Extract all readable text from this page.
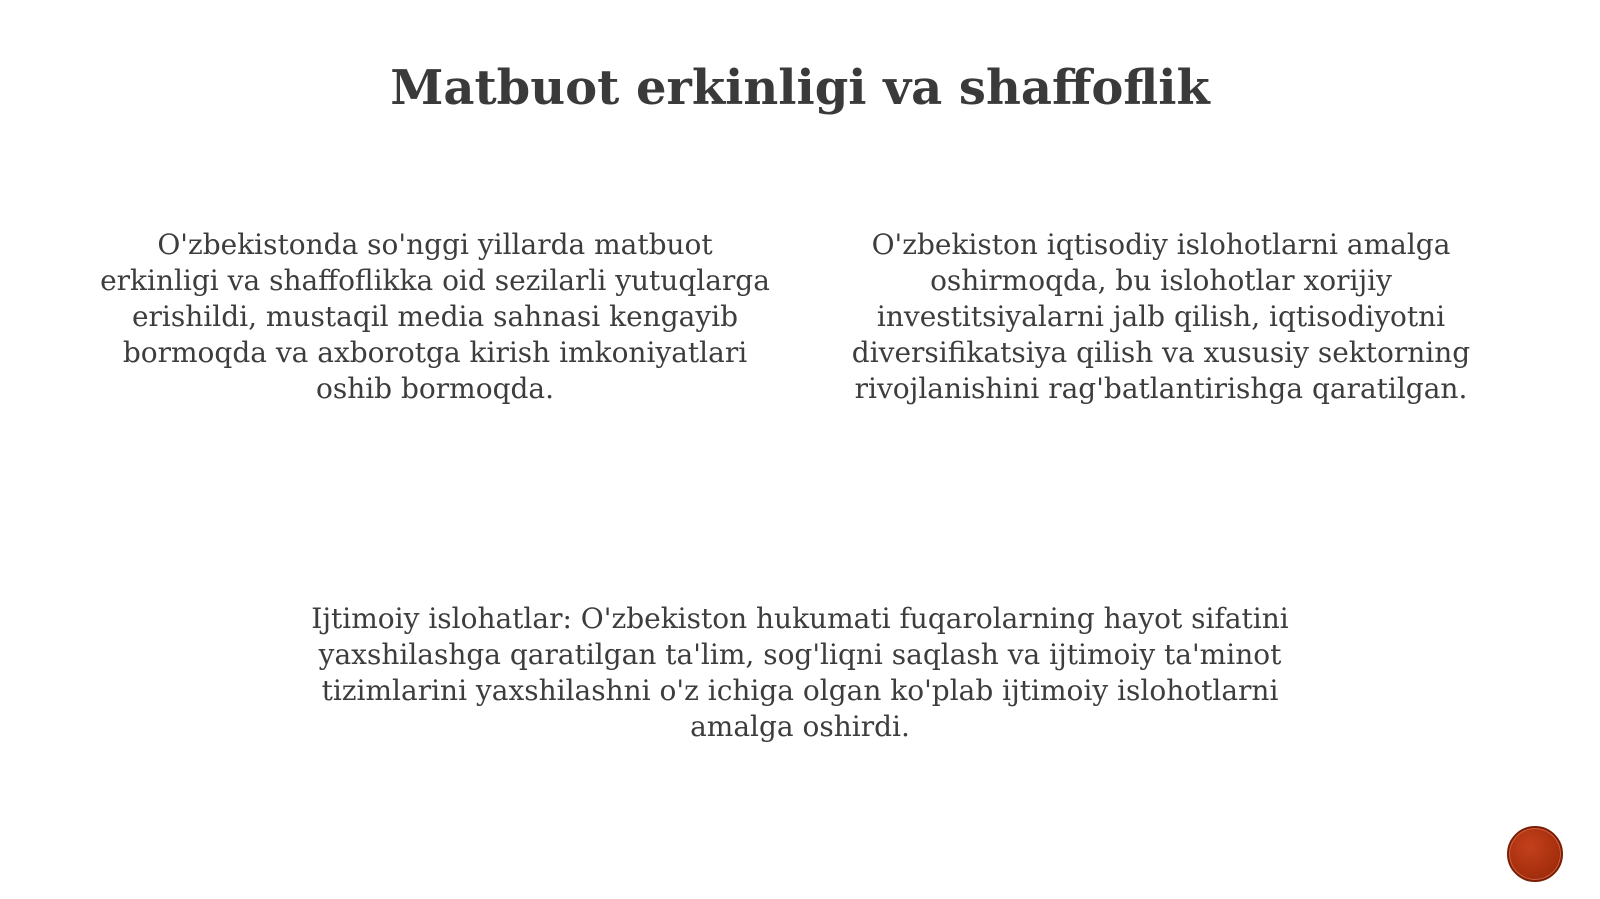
Matbuot erkinligi va shaffoflik

O'zbekistonda so'nggi yillarda matbuot erkinligi va shaffoflikka oid sezilarli yutuqlarga erishildi, mustaqil media sahnasi kengayib bormoqda va axborotga kirish imkoniyatlari oshib bormoqda.

O'zbekiston iqtisodiy islohotlarni amalga oshirmoqda, bu islohotlar xorijiy investitsiyalarni jalb qilish, iqtisodiyotni diversifikatsiya qilish va xususiy sektorning rivojlanishini rag'batlantirishga qaratilgan.

Ijtimoiy islohatlar: O'zbekiston hukumati fuqarolarning hayot sifatini yaxshilashga qaratilgan ta'lim, sog'liqni saqlash va ijtimoiy ta'minot tizimlarini yaxshilashni o'z ichiga olgan ko'plab ijtimoiy islohotlarni amalga oshirdi.
